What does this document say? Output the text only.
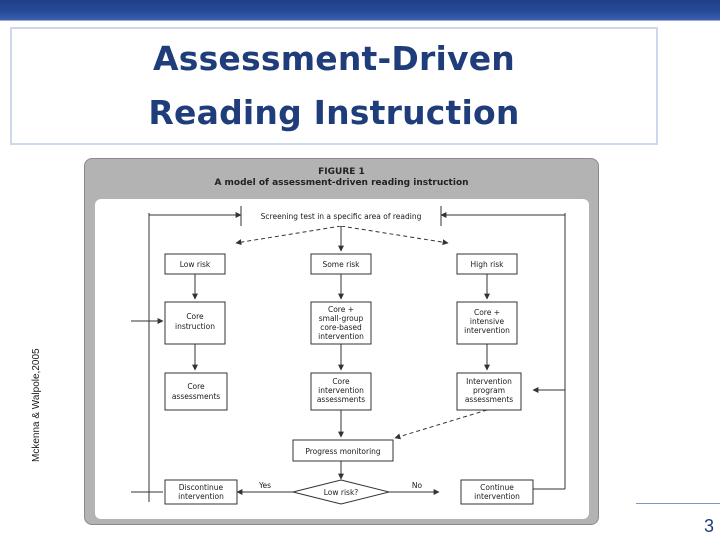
Assessment-Driven
Reading Instruction
Mckenna & Walpole,2005
FIGURE 1
A model of assessment-driven reading instruction
Screening test in a specific area of reading
Low risk	Some risk	High risk
Core
instruction
Core +
small-group
core-based
intervention
Core +
intensive
intervention
Core
assessments
Core
intervention
assessments
Intervention
program
assessments
Progress monitoring
Low risk?
Yes	No
Discontinue
intervention
Continue
intervention
3
